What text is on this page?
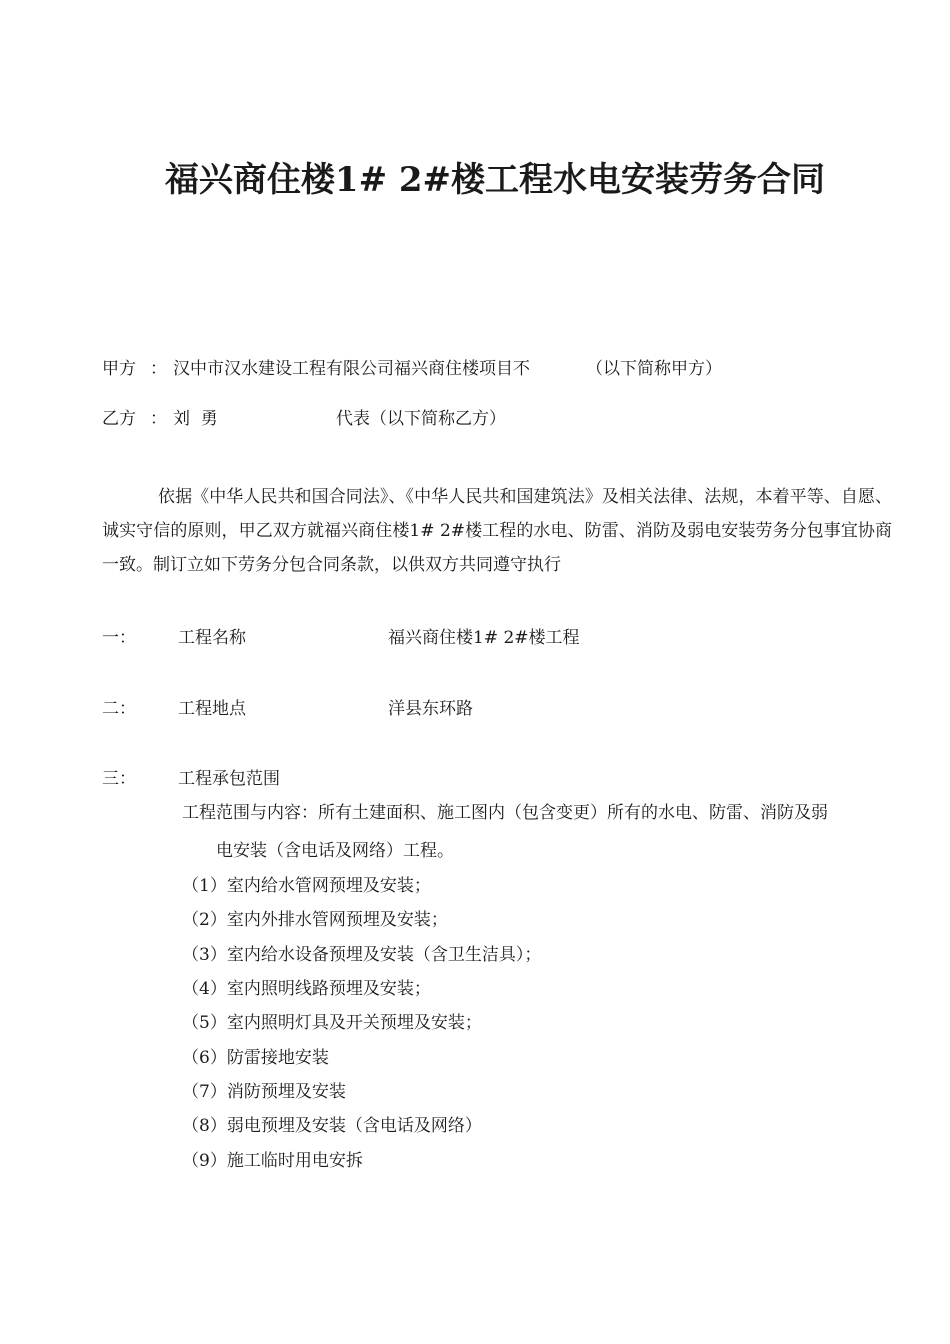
福兴商住楼1# 2#楼工程水电安装劳务合同
甲方 ： 汉中市汉水建设工程有限公司福兴商住楼项目不	（以下简称甲方）
乙方 ： 刘  勇	代表（以下简称乙方）
依据《中华人民共和国合同法》、《中华人民共和国建筑法》及相关法律、法规，本着平等、自愿、诚实守信的原则，甲乙双方就福兴商住楼1# 2#楼工程的水电、防雷、消防及弱电安装劳务分包事宜协商一致。制订立如下劳务分包合同条款，以供双方共同遵守执行
一： 工程名称	福兴商住楼1# 2#楼工程
二： 工程地点	洋县东环路
三： 工程承包范围
工程范围与内容：所有土建面积、施工图内（包含变更）所有的水电、防雷、消防及弱
电安装（含电话及网络）工程。
（1）室内给水管网预埋及安装；
（2）室内外排水管网预埋及安装；
（3）室内给水设备预埋及安装（含卫生洁具）；
（4）室内照明线路预埋及安装；
（5）室内照明灯具及开关预埋及安装；
（6）防雷接地安装
（7）消防预埋及安装
（8）弱电预埋及安装（含电话及网络）
（9）施工临时用电安拆
